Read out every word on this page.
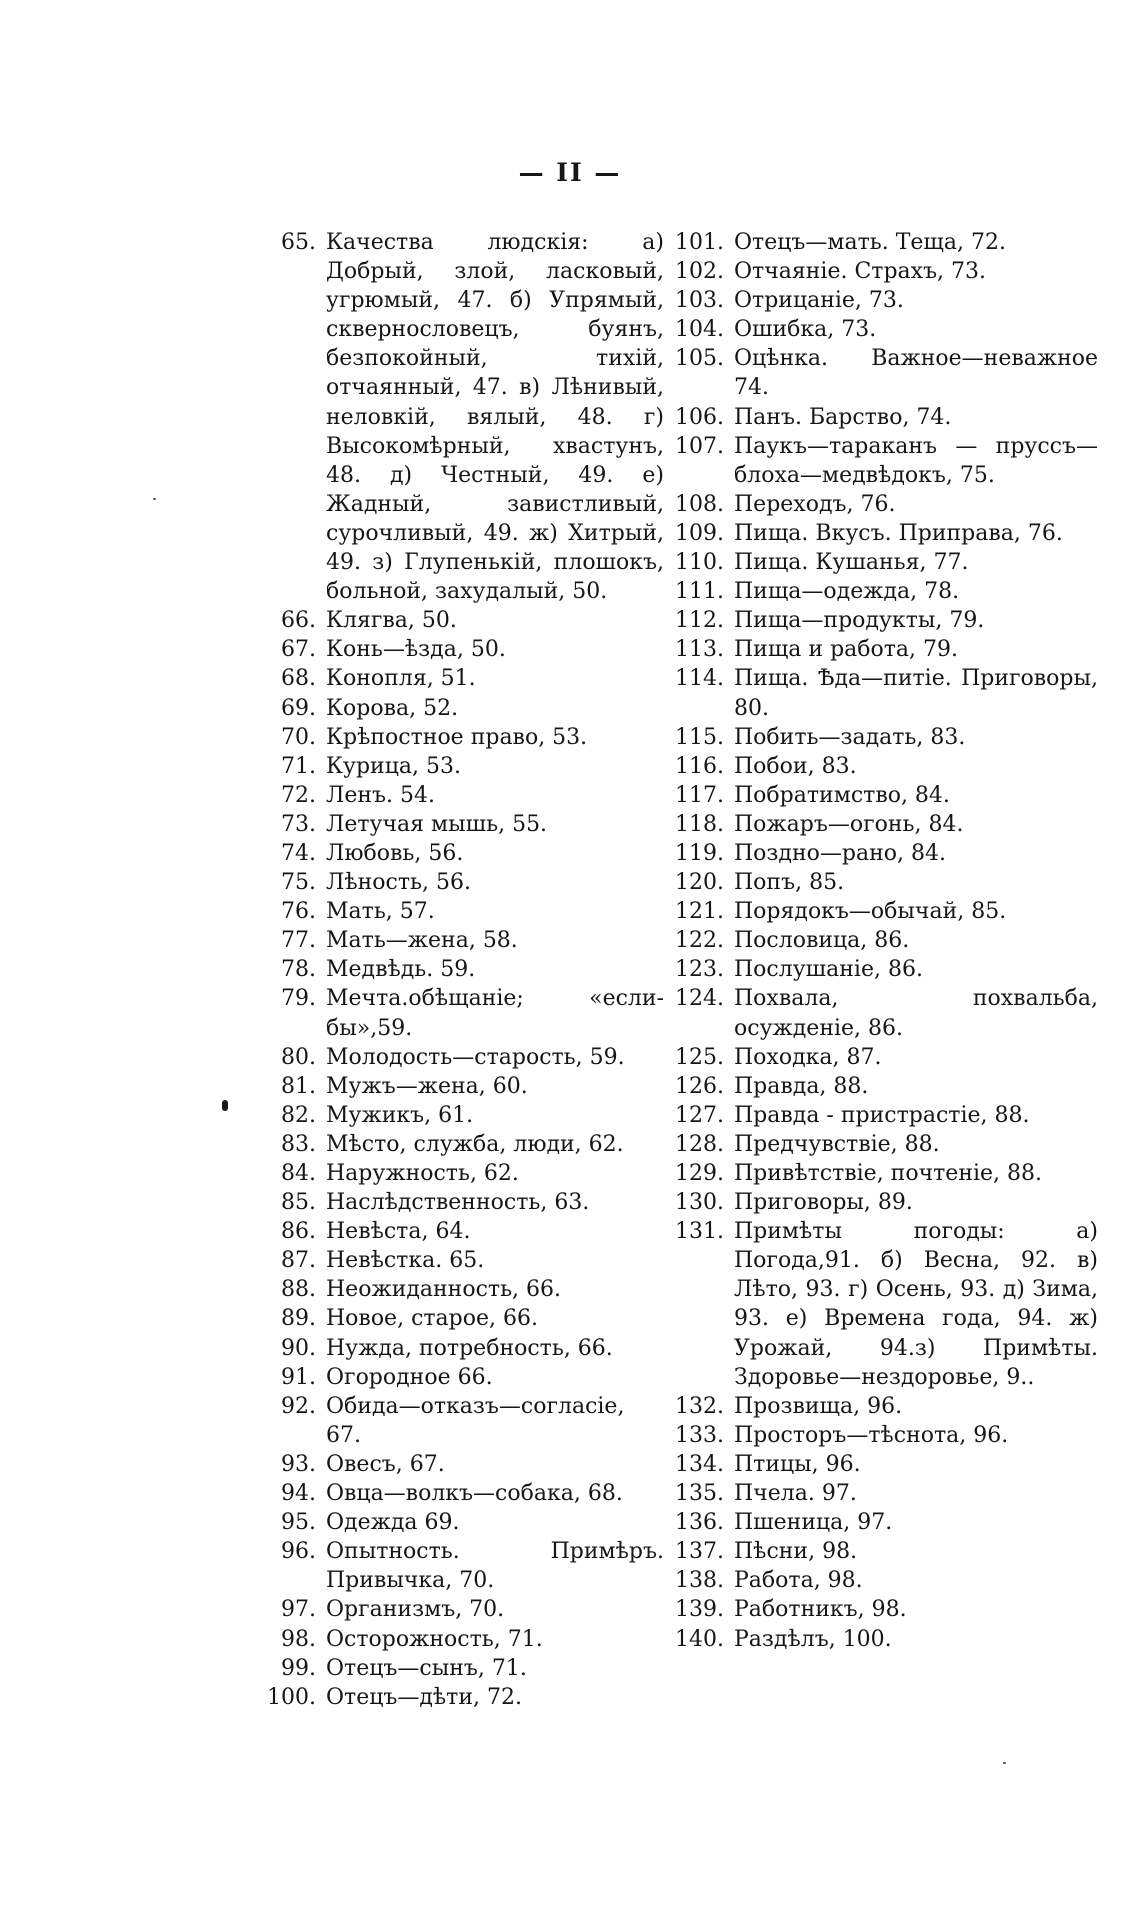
— II —
65. Качества людскія: а) Добрый, злой, ласковый, угрюмый, 47. б) Упрямый, сквернословецъ, буянъ, безпокойный, тихій, отчаянный, 47. в) Лѣнивый, неловкій, вялый, 48. г) Высокомѣрный, хвастунъ, 48. д) Честный, 49. е) Жадный, завистливый, сурочливый, 49. ж) Хитрый, 49. з) Глупенькій, плошокъ, больной, захудалый, 50.
66. Клягва, 50.
67. Конь—ѣзда, 50.
68. Конопля, 51.
69. Корова, 52.
70. Крѣпостное право, 53.
71. Курица, 53.
72. Ленъ. 54.
73. Летучая мышь, 55.
74. Любовь, 56.
75. Лѣность, 56.
76. Мать, 57.
77. Мать—жена, 58.
78. Медвѣдь. 59.
79. Мечта.обѣщаніе; «если-бы»,59.
80. Молодость—старость, 59.
81. Мужъ—жена, 60.
82. Мужикъ, 61.
83. Мѣсто, служба, люди, 62.
84. Наружность, 62.
85. Наслѣдственность, 63.
86. Невѣста, 64.
87. Невѣстка. 65.
88. Неожиданность, 66.
89. Новое, старое, 66.
90. Нужда, потребность, 66.
91. Огородное 66.
92. Обида—отказъ—согласіе, 67.
93. Овесъ, 67.
94. Овца—волкъ—собака, 68.
95. Одежда 69.
96. Опытность. Примѣръ. Привычка, 70.
97. Организмъ, 70.
98. Осторожность, 71.
99. Отецъ—сынъ, 71.
100. Отецъ—дѣти, 72.
101. Отецъ—мать. Теща, 72.
102. Отчаяніе. Страхъ, 73.
103. Отрицаніе, 73.
104. Ошибка, 73.
105. Оцѣнка. Важное—неважное 74.
106. Панъ. Барство, 74.
107. Паукъ—тараканъ — пруссъ— блоха—медвѣдокъ, 75.
108. Переходъ, 76.
109. Пища. Вкусъ. Приправа, 76.
110. Пища. Кушанья, 77.
111. Пища—одежда, 78.
112. Пища—продукты, 79.
113. Пища и работа, 79.
114. Пища. Ѣда—питіе. Приговоры, 80.
115. Побить—задать, 83.
116. Побои, 83.
117. Побратимство, 84.
118. Пожаръ—огонь, 84.
119. Поздно—рано, 84.
120. Попъ, 85.
121. Порядокъ—обычай, 85.
122. Пословица, 86.
123. Послушаніе, 86.
124. Похвала, похвальба, осужденіе, 86.
125. Походка, 87.
126. Правда, 88.
127. Правда - пристрастіе, 88.
128. Предчувствіе, 88.
129. Привѣтствіе, почтеніе, 88.
130. Приговоры, 89.
131. Примѣты погоды: а) Погода,91. б) Весна, 92. в) Лѣто, 93. г) Осень, 93. д) Зима, 93. е) Времена года, 94. ж) Урожай, 94.з) Примѣты. Здоровье—нездоровье, 9..
132. Прозвища, 96.
133. Просторъ—тѣснота, 96.
134. Птицы, 96.
135. Пчела. 97.
136. Пшеница, 97.
137. Пѣсни, 98.
138. Работа, 98.
139. Работникъ, 98.
140. Раздѣлъ, 100.
